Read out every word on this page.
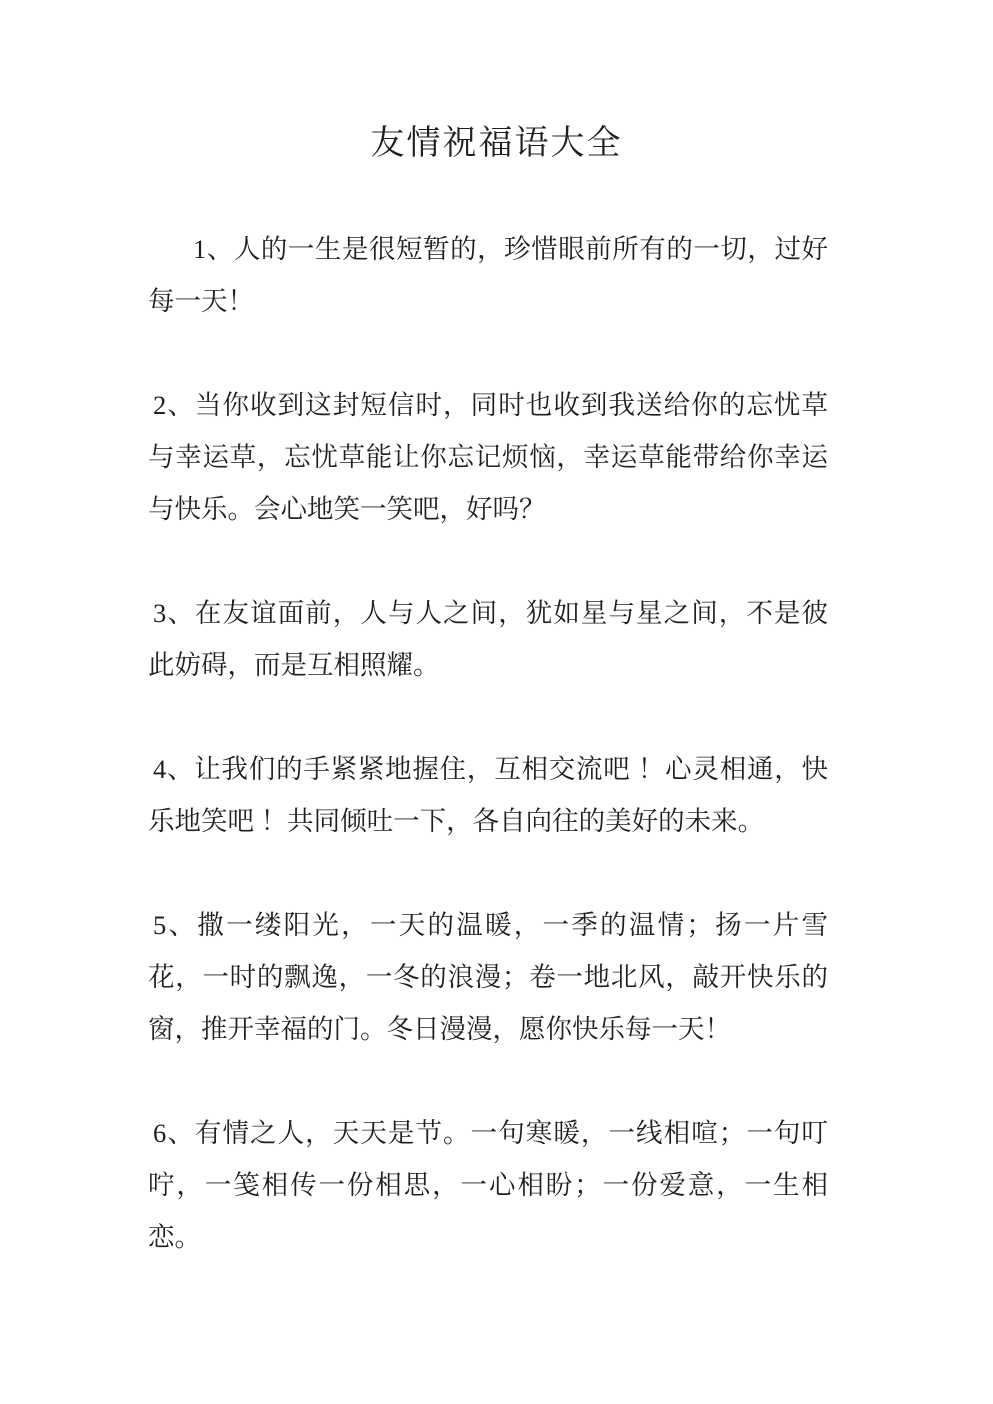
友情祝福语大全

1、人的一生是很短暂的，珍惜眼前所有的一切，过好每一天！

2、当你收到这封短信时，同时也收到我送给你的忘忧草与幸运草，忘忧草能让你忘记烦恼，幸运草能带给你幸运与快乐。会心地笑一笑吧，好吗？

3、在友谊面前，人与人之间，犹如星与星之间，不是彼此妨碍，而是互相照耀。

4、让我们的手紧紧地握住，互相交流吧 ！心灵相通，快乐地笑吧 ！共同倾吐一下，各自向往的美好的未来。

5、撒一缕阳光，一天的温暖，一季的温情；扬一片雪花，一时的飘逸，一冬的浪漫；卷一地北风，敲开快乐的窗，推开幸福的门。冬日漫漫，愿你快乐每一天！

6、有情之人，天天是节。一句寒暖，一线相喧；一句叮咛，一笺相传一份相思，一心相盼；一份爱意，一生相恋。
